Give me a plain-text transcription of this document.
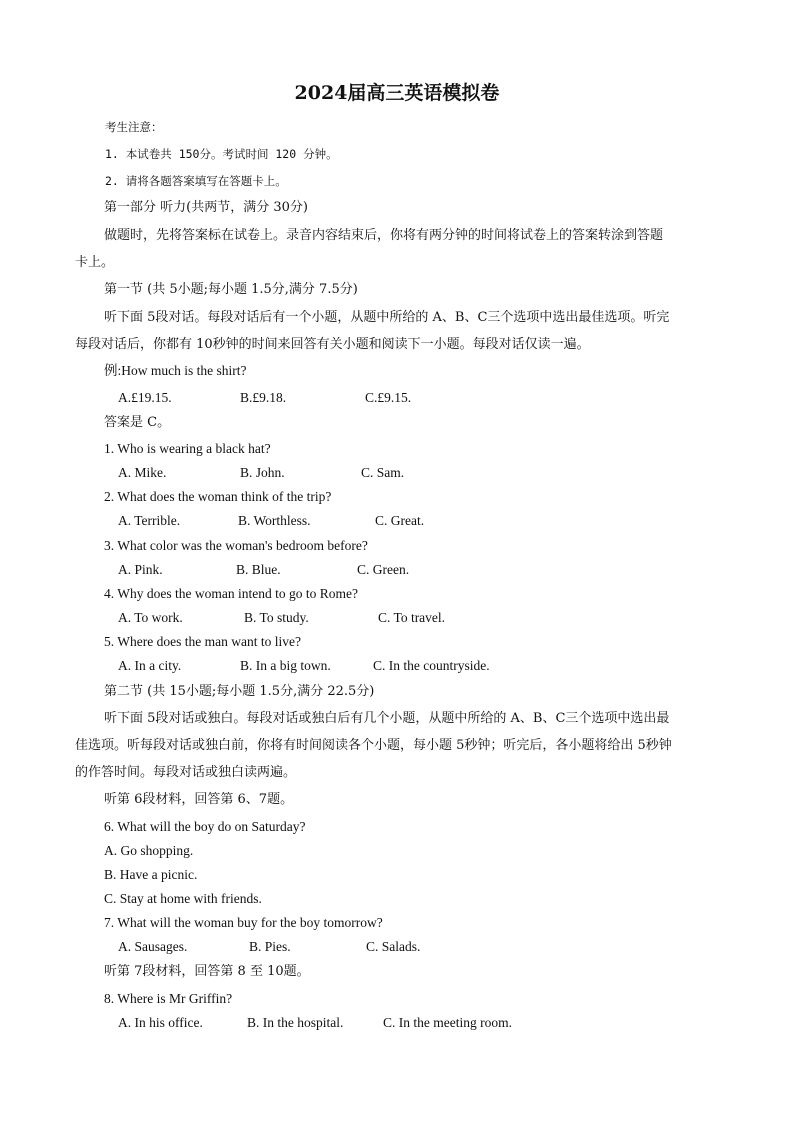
2024届高三英语模拟卷
考生注意：
1. 本试卷共 150分。考试时间 120 分钟。
2. 请将各题答案填写在答题卡上。
第一部分 听力(共两节，满分 30分)
做题时，先将答案标在试卷上。录音内容结束后，你将有两分钟的时间将试卷上的答案转涂到答题
卡上。
第一节 (共 5小题;每小题 1.5分,满分 7.5分)
听下面 5段对话。每段对话后有一个小题，从题中所给的 A、B、C三个选项中选出最佳选项。听完
每段对话后，你都有 10秒钟的时间来回答有关小题和阅读下一小题。每段对话仅读一遍。
例:How much is the shirt?
A.£19.15.	B.£9.18.	C.£9.15.
答案是 C。
1. Who is wearing a black hat?
A. Mike.	B. John.	C. Sam.
2. What does the woman think of the trip?
A. Terrible.	B. Worthless.	C. Great.
3. What color was the woman's bedroom before?
A. Pink.	B. Blue.	C. Green.
4. Why does the woman intend to go to Rome?
A. To work.	B. To study.	C. To travel.
5. Where does the man want to live?
A. In a city.	B. In a big town.	C. In the countryside.
第二节 (共 15小题;每小题 1.5分,满分 22.5分)
听下面 5段对话或独白。每段对话或独白后有几个小题，从题中所给的 A、B、C三个选项中选出最
佳选项。听每段对话或独白前，你将有时间阅读各个小题，每小题 5秒钟；听完后，各小题将给出 5秒钟
的作答时间。每段对话或独白读两遍。
听第 6段材料，回答第 6、7题。
6. What will the boy do on Saturday?
A. Go shopping.
B. Have a picnic.
C. Stay at home with friends.
7. What will the woman buy for the boy tomorrow?
A. Sausages.	B. Pies.	C. Salads.
听第 7段材料，回答第 8 至 10题。
8. Where is Mr Griffin?
A. In his office.	B. In the hospital.	C. In the meeting room.
